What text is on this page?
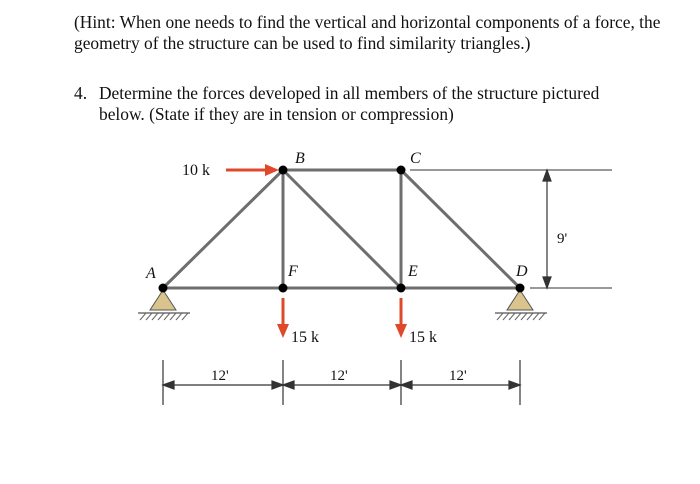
(Hint: When one needs to find the vertical and horizontal components of a force, the geometry of the structure can be used to find similarity triangles.)
4. Determine the forces developed in all members of the structure pictured
below. (State if they are in tension or compression)
9'
A
B	C
F	E	D
10 k
15 k	15 k
12'	12'	12'
